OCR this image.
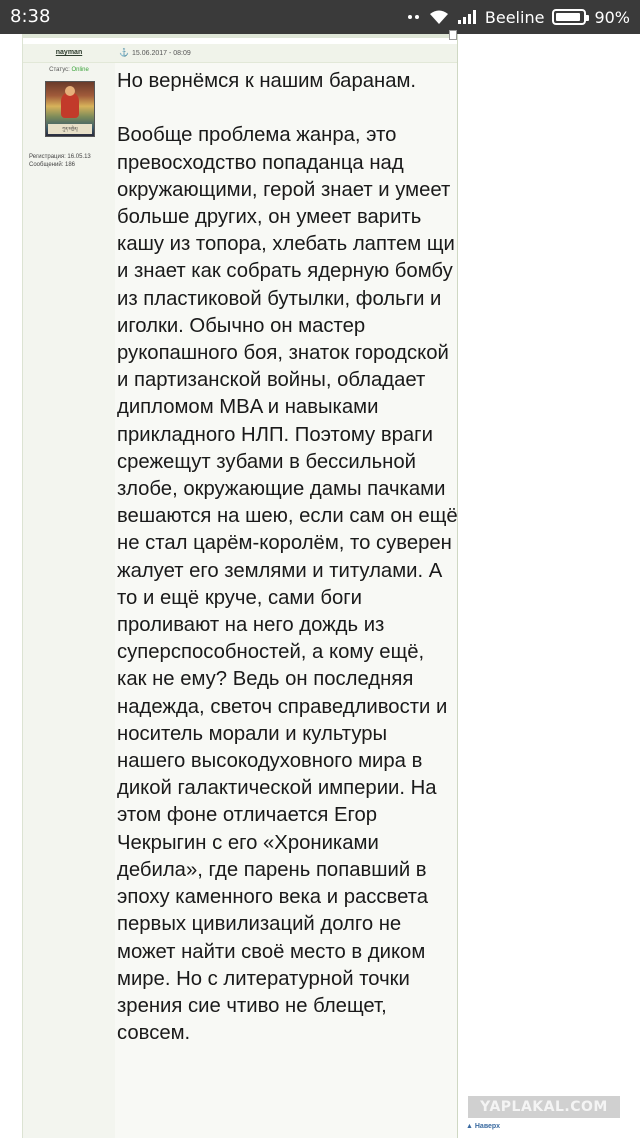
8:38	Beeline	90%
nayman	⚓ 15.06.2017 - 08:09
Статус: Online
ཀུན་མཁྱེན།
Регистрация: 16.05.13
Сообщений: 186
Но вернёмся к нашим баранам.

Вообще проблема жанра, это превосходство попаданца над окружающими, герой знает и умеет больше других, он умеет варить кашу из топора, хлебать лаптем щи и знает как собрать ядерную бомбу из пластиковой бутылки, фольги и иголки. Обычно он мастер рукопашного боя, знаток городской и партизанской войны, обладает дипломом MBA и навыками прикладного НЛП. Поэтому враги срежещут зубами в бессильной злобе, окружающие дамы пачками вешаются на шею, если сам он ещё не стал царём-королём, то суверен жалует его землями и титулами. А то и ещё круче, сами боги проливают на него дождь из суперспособностей, а кому ещё, как не ему? Ведь он последняя надежда, светоч справедливости и носитель морали и культуры нашего высокодуховного мира в дикой галактической империи. На этом фоне отличается Егор Чекрыгин с его «Хрониками дебила», где парень попавший в эпоху каменного века и рассвета первых цивилизаций долго не может найти своё место в диком мире. Но с литературной точки зрения сие чтиво не блещет, совсем.
YAPLAKAL.COM
▲ Наверх
